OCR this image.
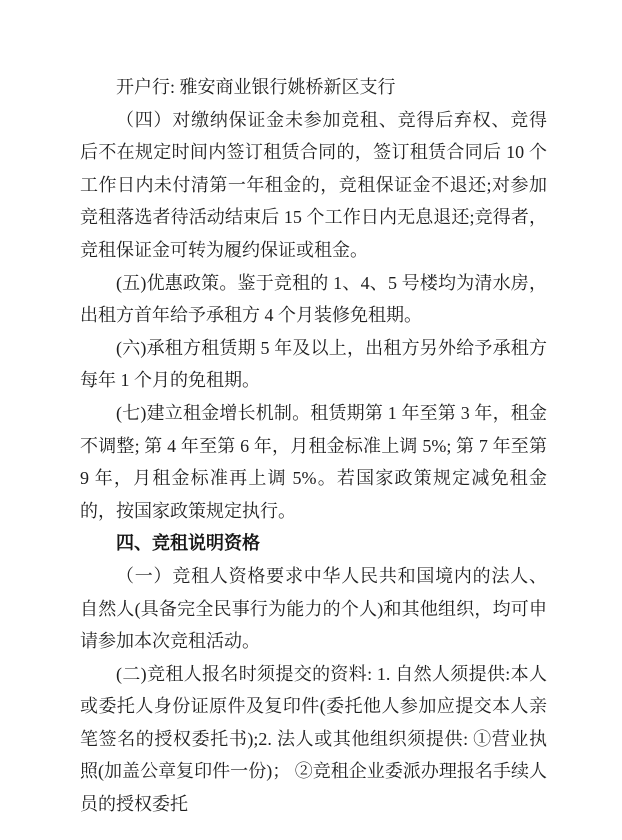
开户行: 雅安商业银行姚桥新区支行

（四）对缴纳保证金未参加竞租、竞得后弃权、竞得后不在规定时间内签订租赁合同的，签订租赁合同后 10 个工作日内未付清第一年租金的，竞租保证金不退还;对参加竞租落选者待活动结束后 15 个工作日内无息退还;竞得者，竞租保证金可转为履约保证或租金。

(五)优惠政策。鉴于竞租的 1、4、5 号楼均为清水房，出租方首年给予承租方 4 个月装修免租期。

(六)承租方租赁期 5 年及以上，出租方另外给予承租方每年 1 个月的免租期。

(七)建立租金增长机制。租赁期第 1 年至第 3 年，租金不调整; 第 4 年至第 6 年，月租金标准上调 5%; 第 7 年至第 9 年，月租金标准再上调 5%。若国家政策规定减免租金的，按国家政策规定执行。

四、竞租说明资格

（一）竞租人资格要求中华人民共和国境内的法人、自然人(具备完全民事行为能力的个人)和其他组织，均可申请参加本次竞租活动。

(二)竞租人报名时须提交的资料: 1. 自然人须提供:本人或委托人身份证原件及复印件(委托他人参加应提交本人亲笔签名的授权委托书);2. 法人或其他组织须提供: ①营业执照(加盖公章复印件一份)； ②竞租企业委派办理报名手续人员的授权委托
